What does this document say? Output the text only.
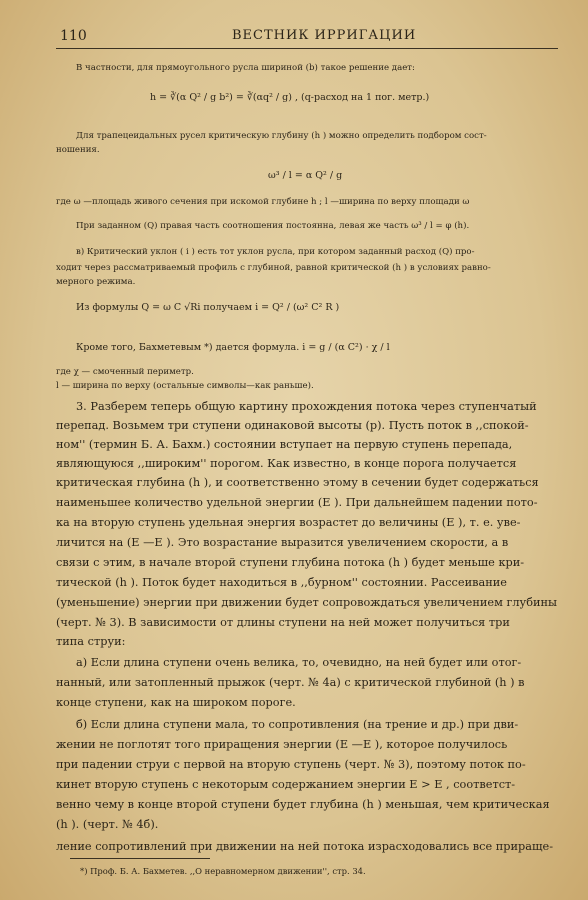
110	ВЕСТНИК ИРРИГАЦИИ
В частности, для прямоугольного русла шириной (b) такое решение дает:
h = ∛(α Q² / g b²) = ∛(αq² / g) , (q-расход на 1 пог. метр.)
Для трапецеидальных русел критическую глубину (h ) можно определить подбором сост-
ношения.
ω³ / l = α Q² / g
где ω —площадь живого сечения при искомой глубине h ; l —ширина по верху площади ω
При заданном (Q) правая часть соотношения постоянна, левая же часть ω³ / l = φ (h).
в) Критический уклон ( i ) есть тот уклон русла, при котором заданный расход (Q) про-
ходит через рассматриваемый профиль с глубиной, равной критической (h ) в условиях равно-
мерного режима.
Из формулы Q = ω C √Ri получаем i = Q² / (ω² C² R )
Кроме того, Бахметевым *) дается формула. i = g / (α C²) · χ / l
где χ — смоченный периметр.
l — ширина по верху (остальные символы—как раньше).
3. Разберем теперь общую картину прохождения потока через ступенчатый
перепад. Возьмем три ступени одинаковой высоты (p). Пусть поток в ,,спокой-
ном'' (термин Б. А. Бахм.) состоянии вступает на первую ступень перепада,
являющуюся ,,широким'' порогом. Как известно, в конце порога получается
критическая глубина (h ), и соответственно этому в сечении будет содержаться
наименьшее количество удельной энергии (E ). При дальнейшем падении пото-
ка на вторую ступень удельная энергия возрастет до величины (E ), т. е. уве-
личится на (E —E ). Это возрастание выразится увеличением скорости, а в
связи с этим, в начале второй ступени глубина потока (h ) будет меньше кри-
тической (h ). Поток будет находиться в ,,бурном'' состоянии. Рассеивание
(уменьшение) энергии при движении будет сопровождаться увеличением глубины
(черт. № 3). В зависимости от длины ступени на ней может получиться три
типа струи:
а) Если длина ступени очень велика, то, очевидно, на ней будет или отог-
нанный, или затопленный прыжок (черт. № 4а) с критической глубиной (h ) в
конце ступени, как на широком пороге.
б) Если длина ступени мала, то сопротивления (на трение и др.) при дви-
жении не поглотят того приращения энергии (E —E ), которое получилось
при падении струи с первой на вторую ступень (черт. № 3), поэтому поток по-
кинет вторую ступень с некоторым содержанием энергии E > E , соответст-
венно чему в конце второй ступени будет глубина (h ) меньшая, чем критическая
(h ). (черт. № 4б).
*) Проф. Б. А. Бахметев. ,,О неравномерном движении'', стр. 34.
ление сопротивлений при движении на ней потока израсходовались все прираще-
